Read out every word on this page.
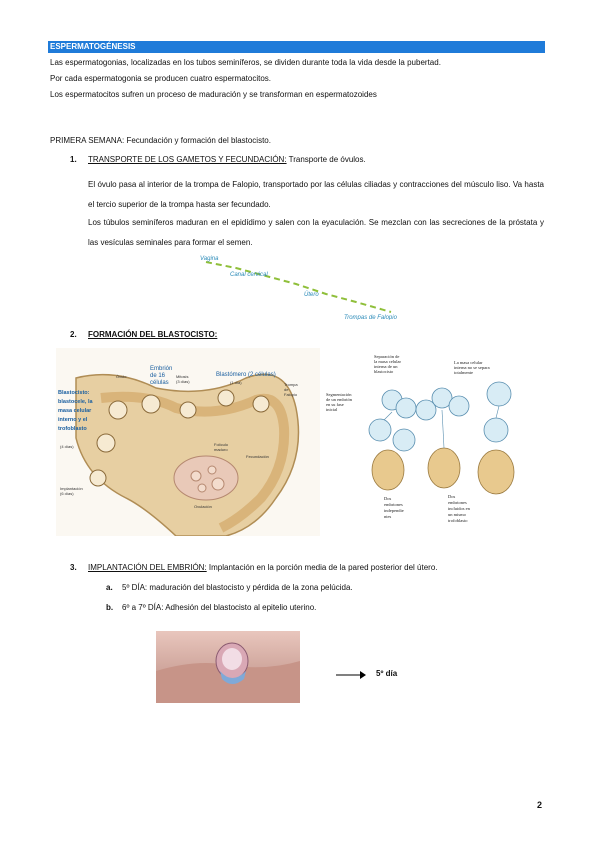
ESPERMATOGÉNESIS
Las espermatogonias, localizadas en los tubos seminíferos, se dividen durante toda la vida desde la pubertad.
Por cada espermatogonia se producen cuatro espermatocitos.
Los espermatocitos sufren un proceso de maduración y se transforman en espermatozoides
PRIMERA SEMANA: Fecundación y formación del blastocisto.
1. TRANSPORTE DE LOS GAMETOS Y FECUNDACIÓN: Transporte de óvulos.
El óvulo pasa al interior de la trompa de Falopio, transportado por las células ciliadas y contracciones del músculo liso. Va hasta el tercio superior de la trompa hasta ser fecundado.
Los túbulos seminíferos maduran en el epidídimo y salen con la eyaculación. Se mezclan con las secreciones de la próstata y las vesículas seminales para formar el semen.
Vagina
Canal cervical
Útero
Trompas de Falopio
2. FORMACIÓN DEL BLASTOCISTO:
Blastocisto: blastocele, la masa celular interno y el trofoblasto
Embrión de 16 células
Blastómero (2 células)
(1 día)
Mitosis (3 días)
Óvulo
Trompa de Falopio
Folículo maduro
Fecundación
Ovulación
(4 días)
Implantación (6 días)
Segmentación de un embrión en su fase inicial
Separación de la masa celular interna de un blastocisto
La masa celular interna no se separa totalmente
Dos embriones independie ntes
Dos embriones incluidos en un mismo trofoblasto
3. IMPLANTACIÓN DEL EMBRIÓN: Implantación en la porción media de la pared posterior del útero.
a. 5º DÍA: maduración del blastocisto y pérdida de la zona pelúcida.
b. 6º a 7º DÍA: Adhesión del blastocisto al epitelio uterino.
5º día
2
